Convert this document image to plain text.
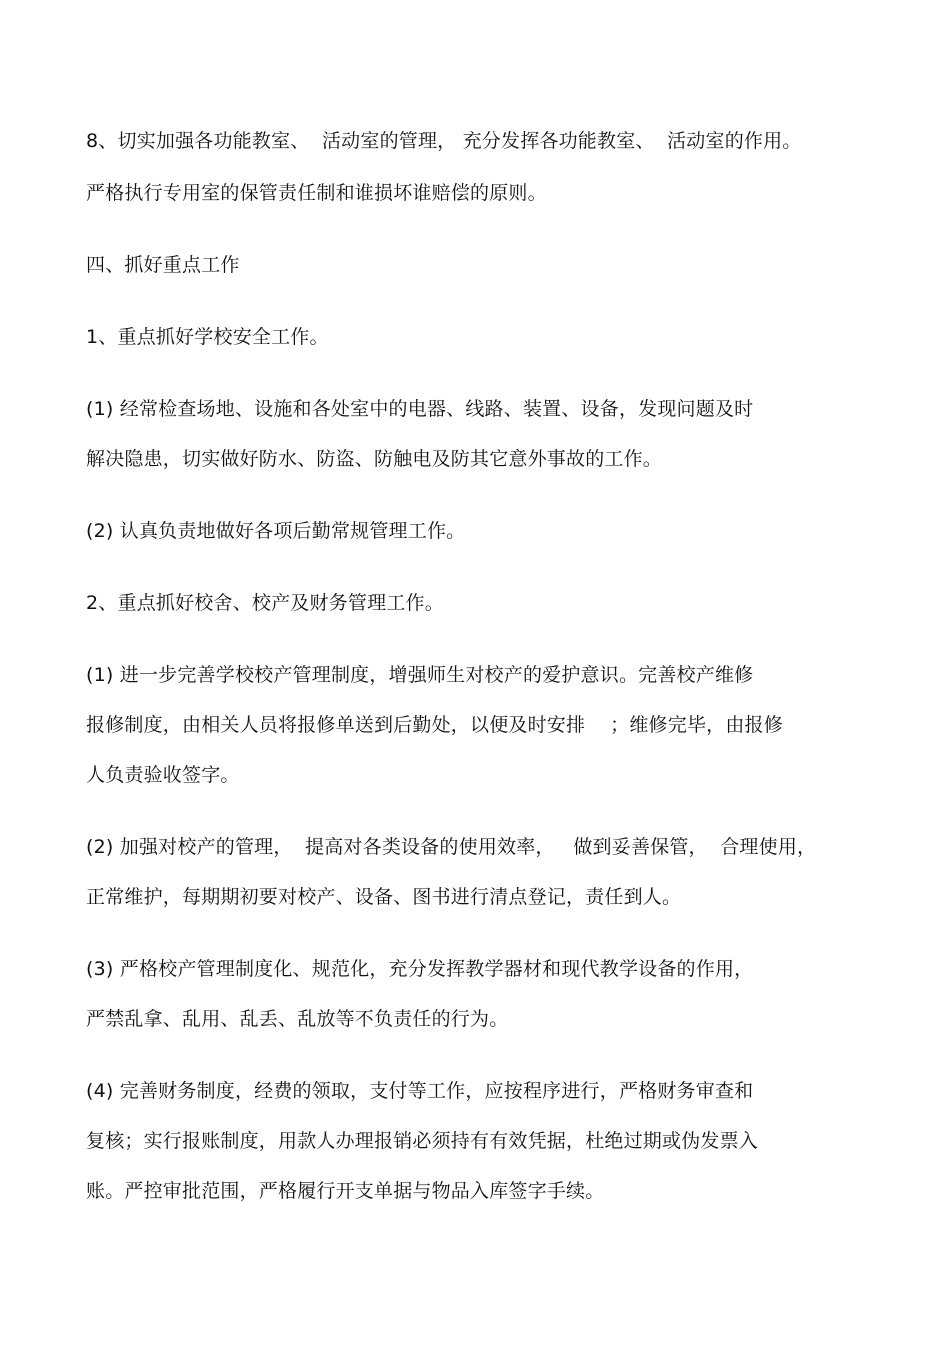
8、切实加强各功能教室、  活动室的管理， 充分发挥各功能教室、  活动室的作用。
严格执行专用室的保管责任制和谁损坏谁赔偿的原则。
四、抓好重点工作
1、重点抓好学校安全工作。
(1) 经常检查场地、设施和各处室中的电器、线路、装置、设备，发现问题及时
解决隐患，切实做好防水、防盗、防触电及防其它意外事故的工作。
(2) 认真负责地做好各项后勤常规管理工作。
2、重点抓好校舍、校产及财务管理工作。
(1) 进一步完善学校校产管理制度，增强师生对校产的爱护意识。完善校产维修
报修制度，由相关人员将报修单送到后勤处，以便及时安排    ；维修完毕，由报修
人负责验收签字。
(2) 加强对校产的管理，  提高对各类设备的使用效率，   做到妥善保管，  合理使用，
正常维护，每期期初要对校产、设备、图书进行清点登记，责任到人。
(3) 严格校产管理制度化、规范化，充分发挥教学器材和现代教学设备的作用，
严禁乱拿、乱用、乱丢、乱放等不负责任的行为。
(4) 完善财务制度，经费的领取，支付等工作，应按程序进行，严格财务审查和
复核；实行报账制度，用款人办理报销必须持有有效凭据，杜绝过期或伪发票入
账。严控审批范围，严格履行开支单据与物品入库签字手续。
